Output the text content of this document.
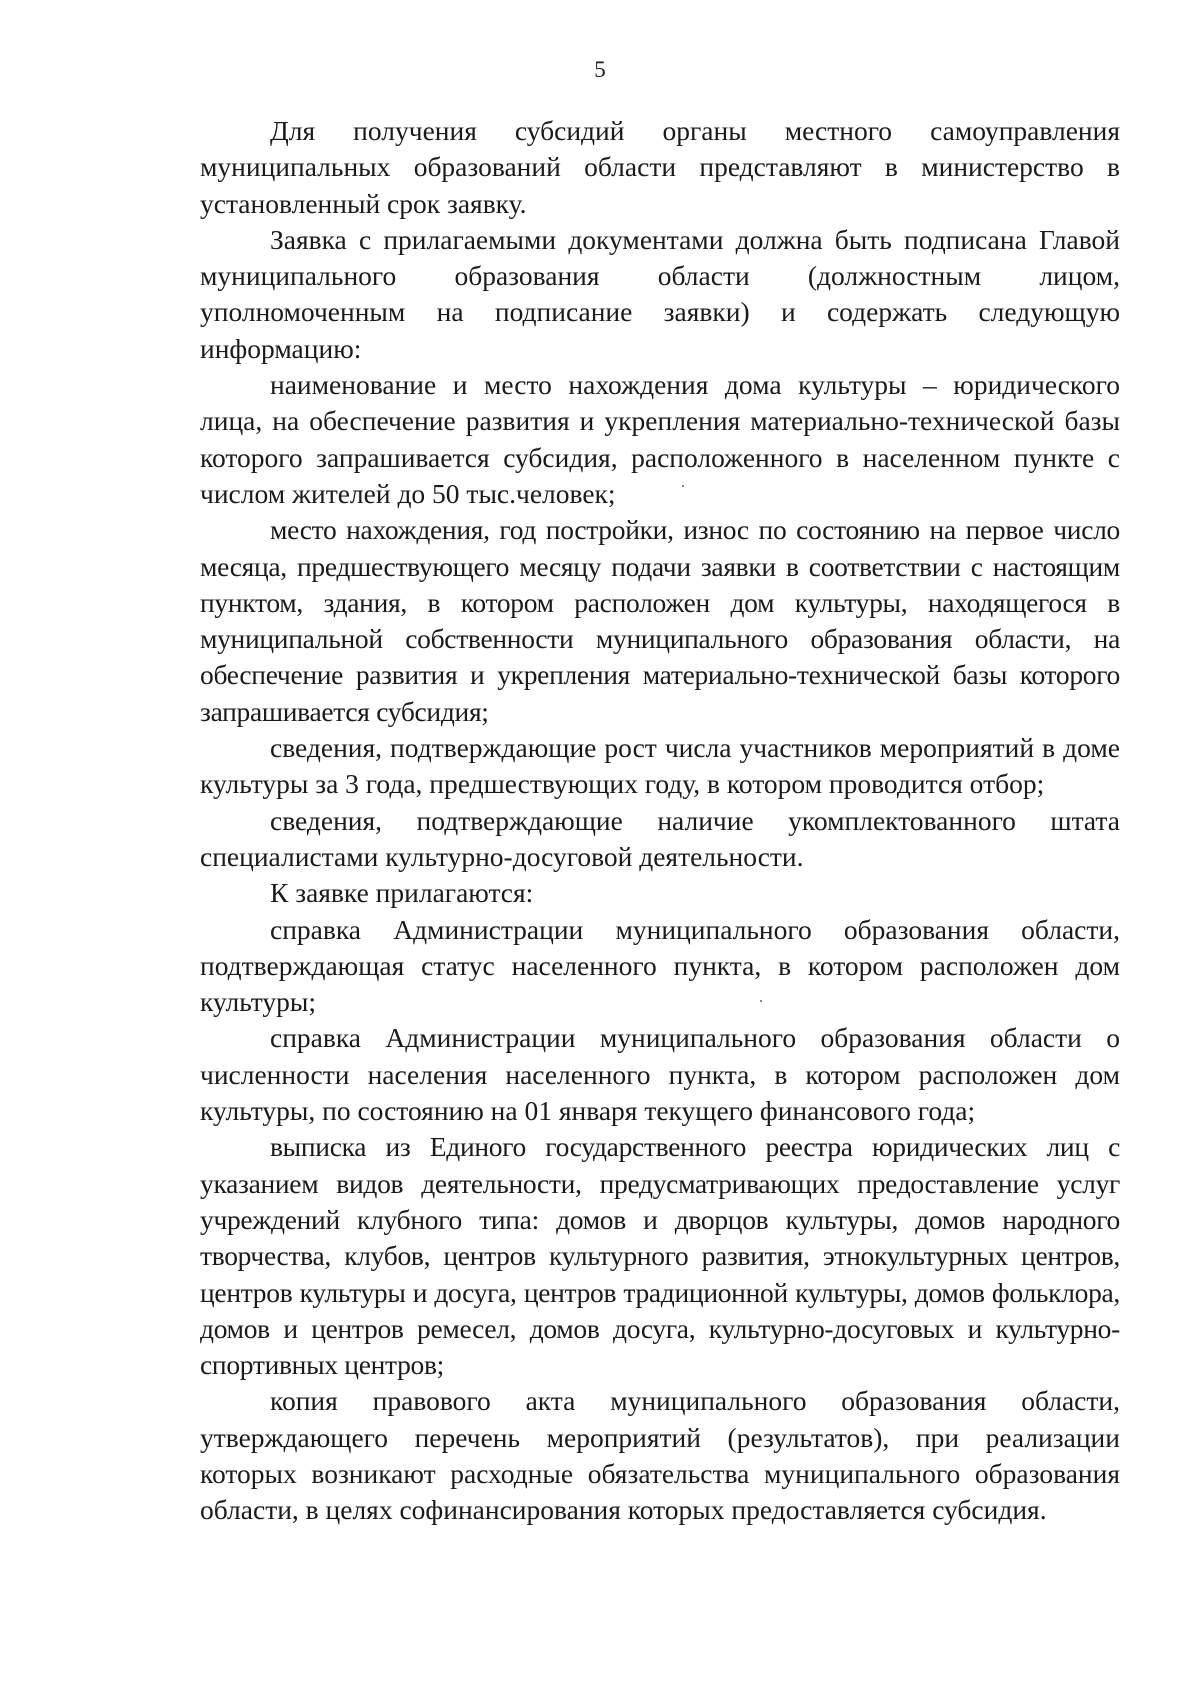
5

Для получения субсидий органы местного самоуправления муниципальных образований области представляют в министерство в установленный срок заявку.

Заявка с прилагаемыми документами должна быть подписана Главой муниципального образования области (должностным лицом, уполномоченным на подписание заявки) и содержать следующую информацию:

наименование и место нахождения дома культуры – юридического лица, на обеспечение развития и укрепления материально-технической базы которого запрашивается субсидия, расположенного в населенном пункте с числом жителей до 50 тыс.человек;

место нахождения, год постройки, износ по состоянию на первое число месяца, предшествующего месяцу подачи заявки в соответствии с настоящим пунктом, здания, в котором расположен дом культуры, находящегося в муниципальной собственности муниципального образования области, на обеспечение развития и укрепления материально-технической базы которого запрашивается субсидия;

сведения, подтверждающие рост числа участников мероприятий в доме культуры за 3 года, предшествующих году, в котором проводится отбор;

сведения, подтверждающие наличие укомплектованного штата специалистами культурно-досуговой деятельности.

К заявке прилагаются:

справка Администрации муниципального образования области, подтверждающая статус населенного пункта, в котором расположен дом культуры;

справка Администрации муниципального образования области о численности населения населенного пункта, в котором расположен дом культуры, по состоянию на 01 января текущего финансового года;

выписка из Единого государственного реестра юридических лиц с указанием видов деятельности, предусматривающих предоставление услуг учреждений клубного типа: домов и дворцов культуры, домов народного творчества, клубов, центров культурного развития, этнокультурных центров, центров культуры и досуга, центров традиционной культуры, домов фольклора, домов и центров ремесел, домов досуга, культурно-досуговых и культурно-спортивных центров;

копия правового акта муниципального образования области, утверждающего перечень мероприятий (результатов), при реализации которых возникают расходные обязательства муниципального образования области, в целях софинансирования которых предоставляется субсидия.
